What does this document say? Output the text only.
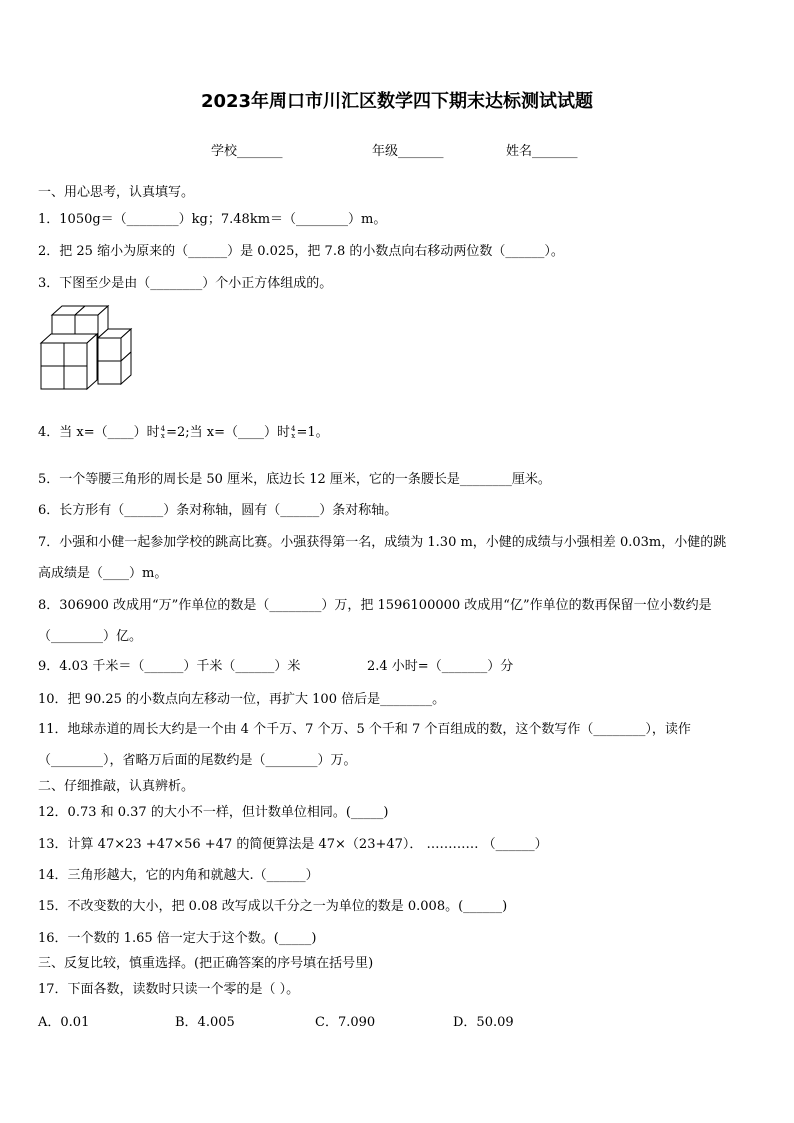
2023年周口市川汇区数学四下期末达标测试试题
学校_______	年级_______	姓名_______
一、用心思考，认真填写。
1．1050g＝（________）kg；7.48km＝（________）m。
2．把 25 缩小为原来的（______）是 0.025，把 7.8 的小数点向右移动两位数（______）。
3．下图至少是由（________）个小正方体组成的。
4．当 x=（____）时 4
x =2;当 x=（____）时 4
x =1。
5．一个等腰三角形的周长是 50 厘米，底边长 12 厘米，它的一条腰长是________厘米。
6．长方形有（______）条对称轴，圆有（______）条对称轴。
7．小强和小健一起参加学校的跳高比赛。小强获得第一名，成绩为 1.30 m，小健的成绩与小强相差 0.03m，小健的跳
高成绩是（____）m。
8．306900 改成用“万”作单位的数是（________）万，把 1596100000 改成用“亿”作单位的数再保留一位小数约是
（________）亿。
9．4.03 千米＝（______）千米（______）米	2.4 小时=（_______）分
10．把 90.25 的小数点向左移动一位，再扩大 100 倍后是________。
11．地球赤道的周长大约是一个由 4 个千万、7 个万、5 个千和 7 个百组成的数，这个数写作（________），读作
（________），省略万后面的尾数约是（________）万。
二、仔细推敲，认真辨析。
12．0.73 和 0.37 的大小不一样，但计数单位相同。(_____)
13．计算 47×23 +47×56 +47 的简便算法是 47×（23+47）． ………… （______）
14．三角形越大，它的内角和就越大.（______）
15．不改变数的大小，把 0.08 改写成以千分之一为单位的数是 0.008。(______)
16．一个数的 1.65 倍一定大于这个数。(_____)
三、反复比较，慎重选择。(把正确答案的序号填在括号里)
17．下面各数，读数时只读一个零的是（ ）。
A．0.01	B．4.005	C．7.090	D．50.09
